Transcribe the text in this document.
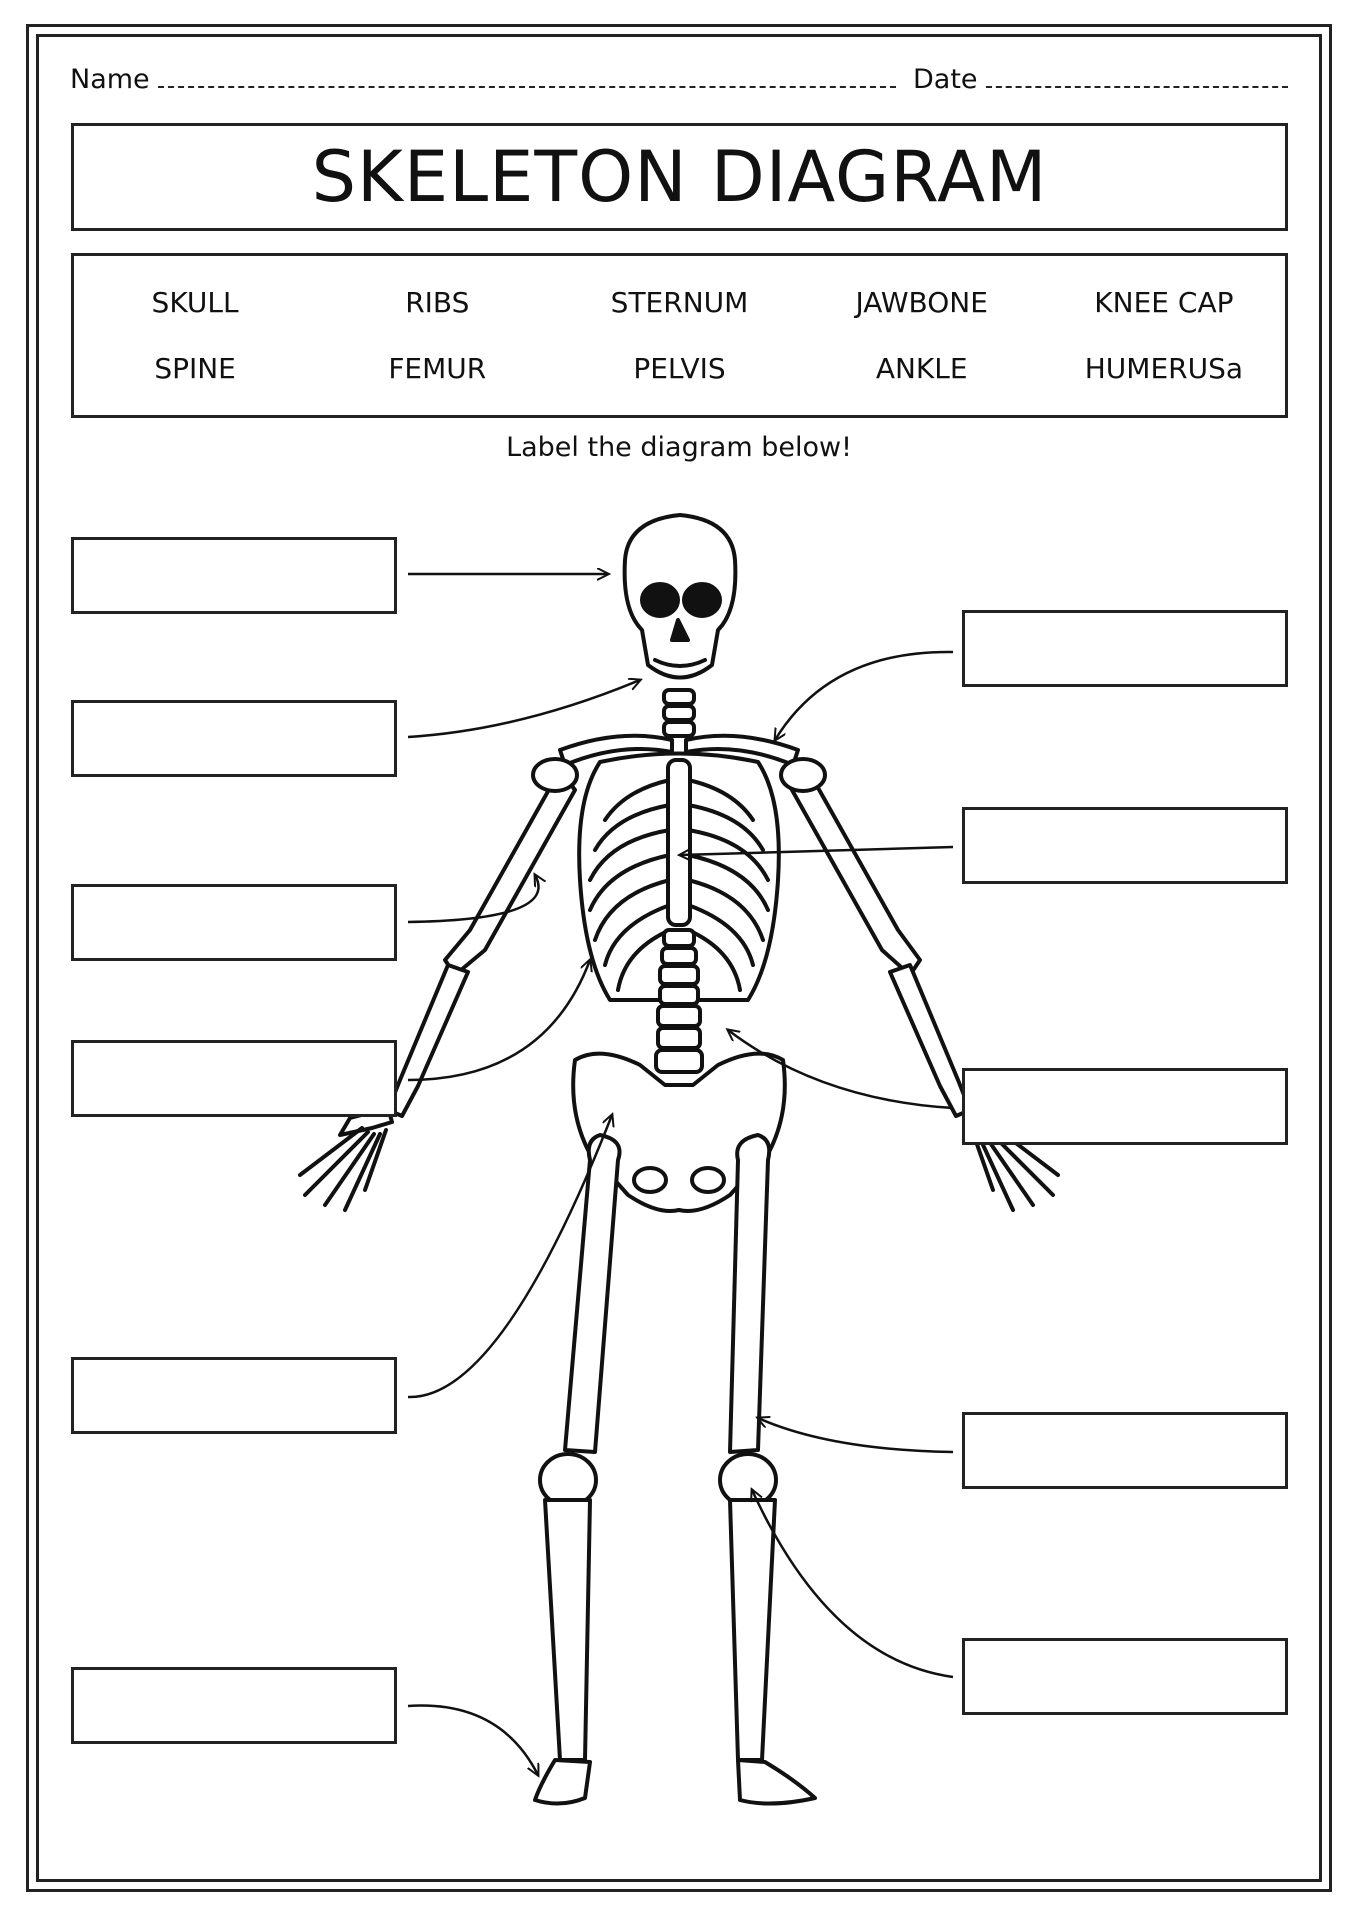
Name	Date
SKELETON DIAGRAM
SKULL	RIBS	STERNUM	JAWBONE	KNEE CAP
SPINE	FEMUR	PELVIS	ANKLE	HUMERUSa
Label the diagram below!
